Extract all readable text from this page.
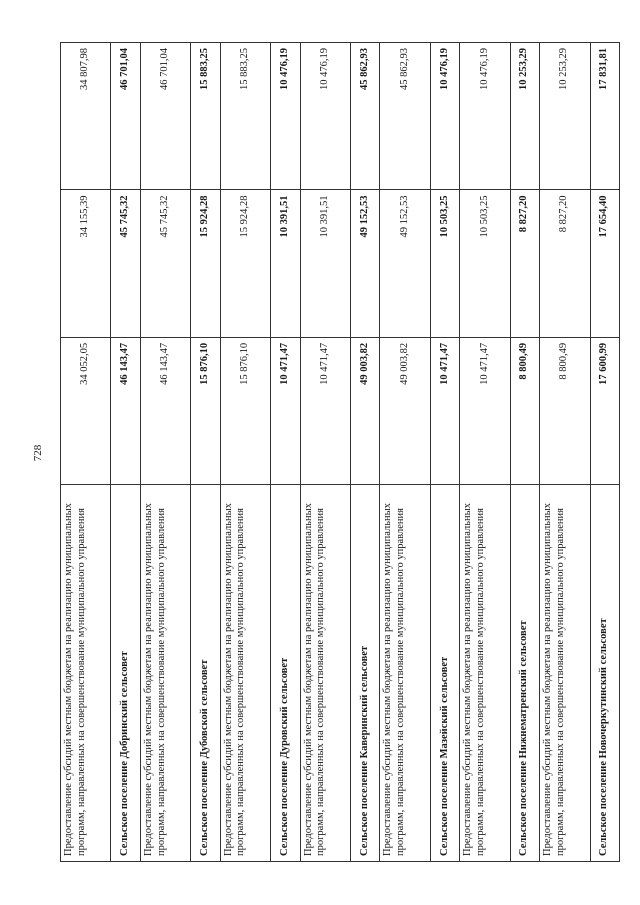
728
Предоставление субсидий местным бюджетам на реализацию муниципальных программ, направленных на совершенствование муниципального управления	34 052,05	34 155,39	34 807,98
Сельское поселение Добринский сельсовет	46 143,47	45 745,32	46 701,04
Предоставление субсидий местным бюджетам на реализацию муниципальных программ, направленных на совершенствование муниципального управления	46 143,47	45 745,32	46 701,04
Сельское поселение Дубовской сельсовет	15 876,10	15 924,28	15 883,25
Предоставление субсидий местным бюджетам на реализацию муниципальных программ, направленных на совершенствование муниципального управления	15 876,10	15 924,28	15 883,25
Сельское поселение Дуровский сельсовет	10 471,47	10 391,51	10 476,19
Предоставление субсидий местным бюджетам на реализацию муниципальных программ, направленных на совершенствование муниципального управления	10 471,47	10 391,51	10 476,19
Сельское поселение Каверинский сельсовет	49 003,82	49 152,53	45 862,93
Предоставление субсидий местным бюджетам на реализацию муниципальных программ, направленных на совершенствование муниципального управления	49 003,82	49 152,53	45 862,93
Сельское поселение Мазейский сельсовет	10 471,47	10 503,25	10 476,19
Предоставление субсидий местным бюджетам на реализацию муниципальных программ, направленных на совершенствование муниципального управления	10 471,47	10 503,25	10 476,19
Сельское поселение Нижнематренский сельсовет	8 800,49	8 827,20	10 253,29
Предоставление субсидий местным бюджетам на реализацию муниципальных программ, направленных на совершенствование муниципального управления	8 800,49	8 827,20	10 253,29
Сельское поселение Новочеркутинский сельсовет	17 600,99	17 654,40	17 831,81
